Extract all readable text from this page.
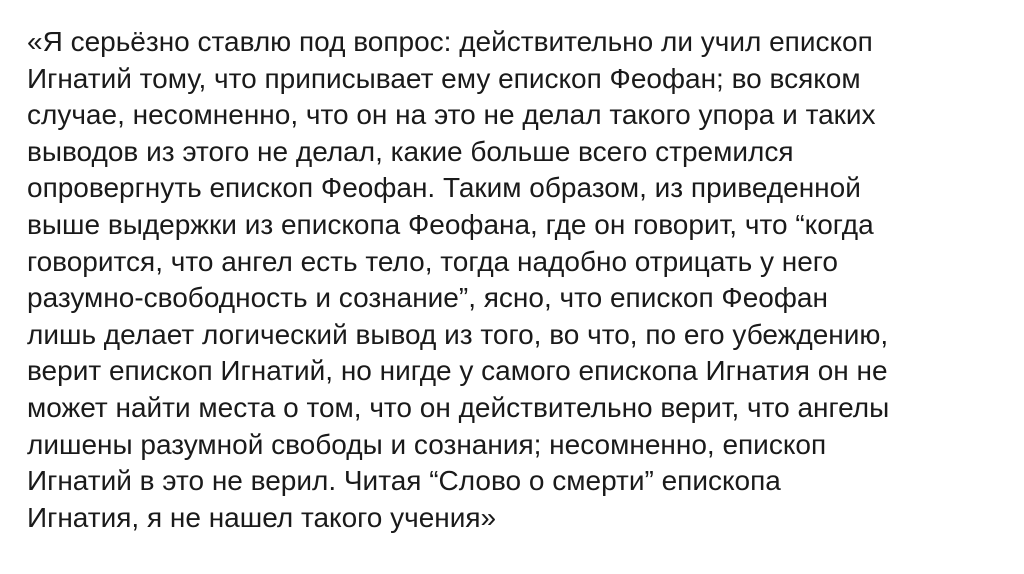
«Я серьёзно ставлю под вопрос: действительно ли учил епископ
Игнатий тому, что приписывает ему епископ Феофан; во всяком
случае, несомненно, что он на это не делал такого упора и таких
выводов из этого не делал, какие больше всего стремился
опровергнуть епископ Феофан. Таким образом, из приведенной
выше выдержки из епископа Феофана, где он говорит, что “когда
говорится, что ангел есть тело, тогда надобно отрицать у него
разумно-свободность и сознание”, ясно, что епископ Феофан
лишь делает логический вывод из того, во что, по его убеждению,
верит епископ Игнатий, но нигде у самого епископа Игнатия он не
может найти места о том, что он действительно верит, что ангелы
лишены разумной свободы и сознания; несомненно, епископ
Игнатий в это не верил. Читая “Слово о смерти” епископа
Игнатия, я не нашел такого учения»
